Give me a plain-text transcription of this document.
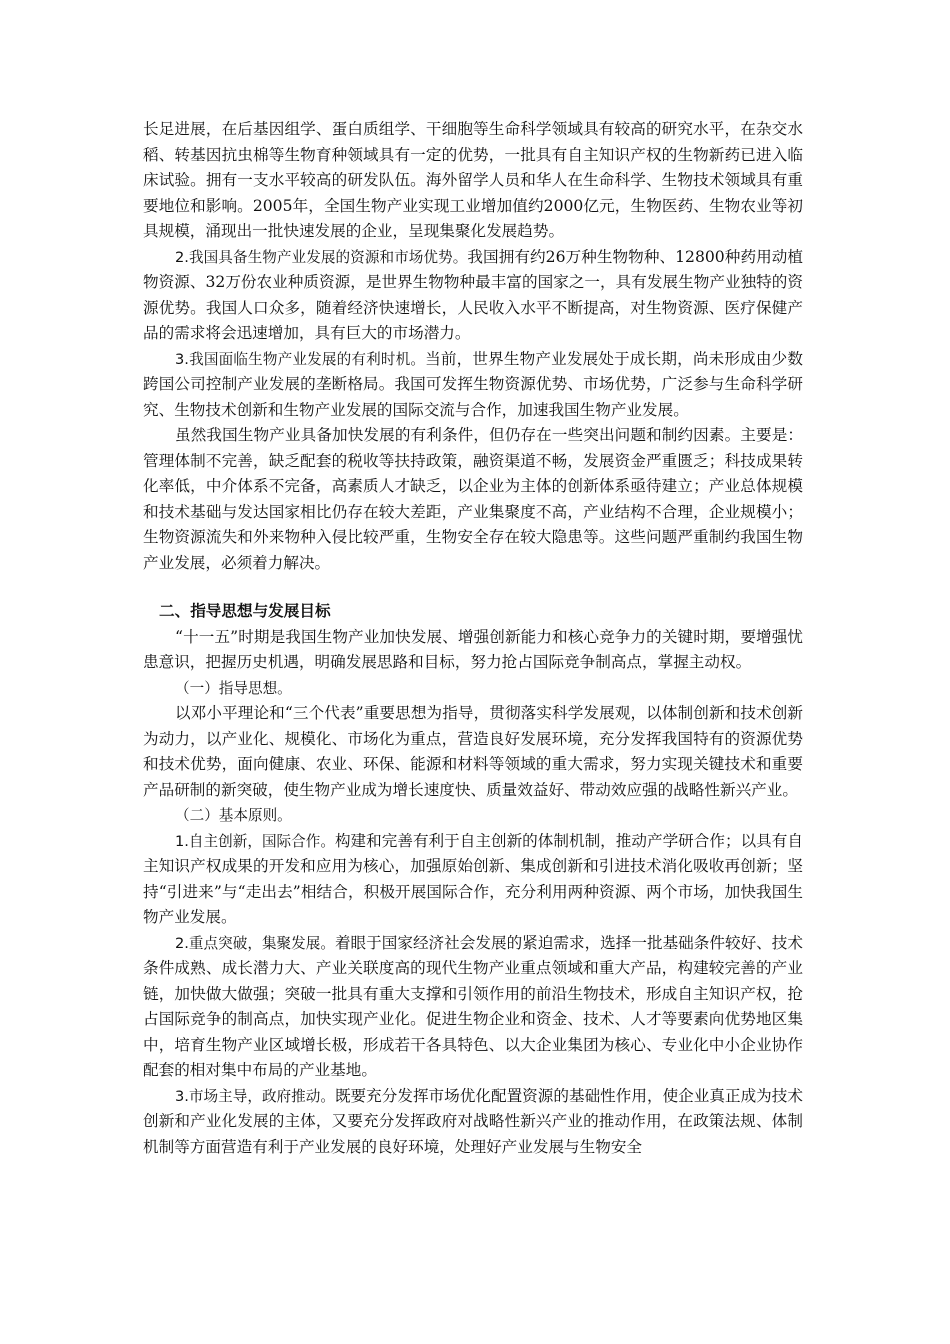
长足进展，在后基因组学、蛋白质组学、干细胞等生命科学领域具有较高的研究水平，在杂交水稻、转基因抗虫棉等生物育种领域具有一定的优势，一批具有自主知识产权的生物新药已进入临床试验。拥有一支水平较高的研发队伍。海外留学人员和华人在生命科学、生物技术领域具有重要地位和影响。2005年，全国生物产业实现工业增加值约2000亿元，生物医药、生物农业等初具规模，涌现出一批快速发展的企业，呈现集聚化发展趋势。

2.我国具备生物产业发展的资源和市场优势。我国拥有约26万种生物物种、12800种药用动植物资源、32万份农业种质资源，是世界生物物种最丰富的国家之一，具有发展生物产业独特的资源优势。我国人口众多，随着经济快速增长，人民收入水平不断提高，对生物资源、医疗保健产品的需求将会迅速增加，具有巨大的市场潜力。

3.我国面临生物产业发展的有利时机。当前，世界生物产业发展处于成长期，尚未形成由少数跨国公司控制产业发展的垄断格局。我国可发挥生物资源优势、市场优势，广泛参与生命科学研究、生物技术创新和生物产业发展的国际交流与合作，加速我国生物产业发展。

虽然我国生物产业具备加快发展的有利条件，但仍存在一些突出问题和制约因素。主要是：管理体制不完善，缺乏配套的税收等扶持政策，融资渠道不畅，发展资金严重匮乏；科技成果转化率低，中介体系不完备，高素质人才缺乏，以企业为主体的创新体系亟待建立；产业总体规模和技术基础与发达国家相比仍存在较大差距，产业集聚度不高，产业结构不合理，企业规模小；生物资源流失和外来物种入侵比较严重，生物安全存在较大隐患等。这些问题严重制约我国生物产业发展，必须着力解决。

二、指导思想与发展目标

“十一五”时期是我国生物产业加快发展、增强创新能力和核心竞争力的关键时期，要增强忧患意识，把握历史机遇，明确发展思路和目标，努力抢占国际竞争制高点，掌握主动权。

（一）指导思想。

以邓小平理论和“三个代表”重要思想为指导，贯彻落实科学发展观，以体制创新和技术创新为动力，以产业化、规模化、市场化为重点，营造良好发展环境，充分发挥我国特有的资源优势和技术优势，面向健康、农业、环保、能源和材料等领域的重大需求，努力实现关键技术和重要产品研制的新突破，使生物产业成为增长速度快、质量效益好、带动效应强的战略性新兴产业。

（二）基本原则。

1.自主创新，国际合作。构建和完善有利于自主创新的体制机制，推动产学研合作；以具有自主知识产权成果的开发和应用为核心，加强原始创新、集成创新和引进技术消化吸收再创新；坚持“引进来”与“走出去”相结合，积极开展国际合作，充分利用两种资源、两个市场，加快我国生物产业发展。

2.重点突破，集聚发展。着眼于国家经济社会发展的紧迫需求，选择一批基础条件较好、技术条件成熟、成长潜力大、产业关联度高的现代生物产业重点领域和重大产品，构建较完善的产业链，加快做大做强；突破一批具有重大支撑和引领作用的前沿生物技术，形成自主知识产权，抢占国际竞争的制高点，加快实现产业化。促进生物企业和资金、技术、人才等要素向优势地区集中，培育生物产业区域增长极，形成若干各具特色、以大企业集团为核心、专业化中小企业协作配套的相对集中布局的产业基地。

3.市场主导，政府推动。既要充分发挥市场优化配置资源的基础性作用，使企业真正成为技术创新和产业化发展的主体，又要充分发挥政府对战略性新兴产业的推动作用，在政策法规、体制机制等方面营造有利于产业发展的良好环境，处理好产业发展与生物安全
